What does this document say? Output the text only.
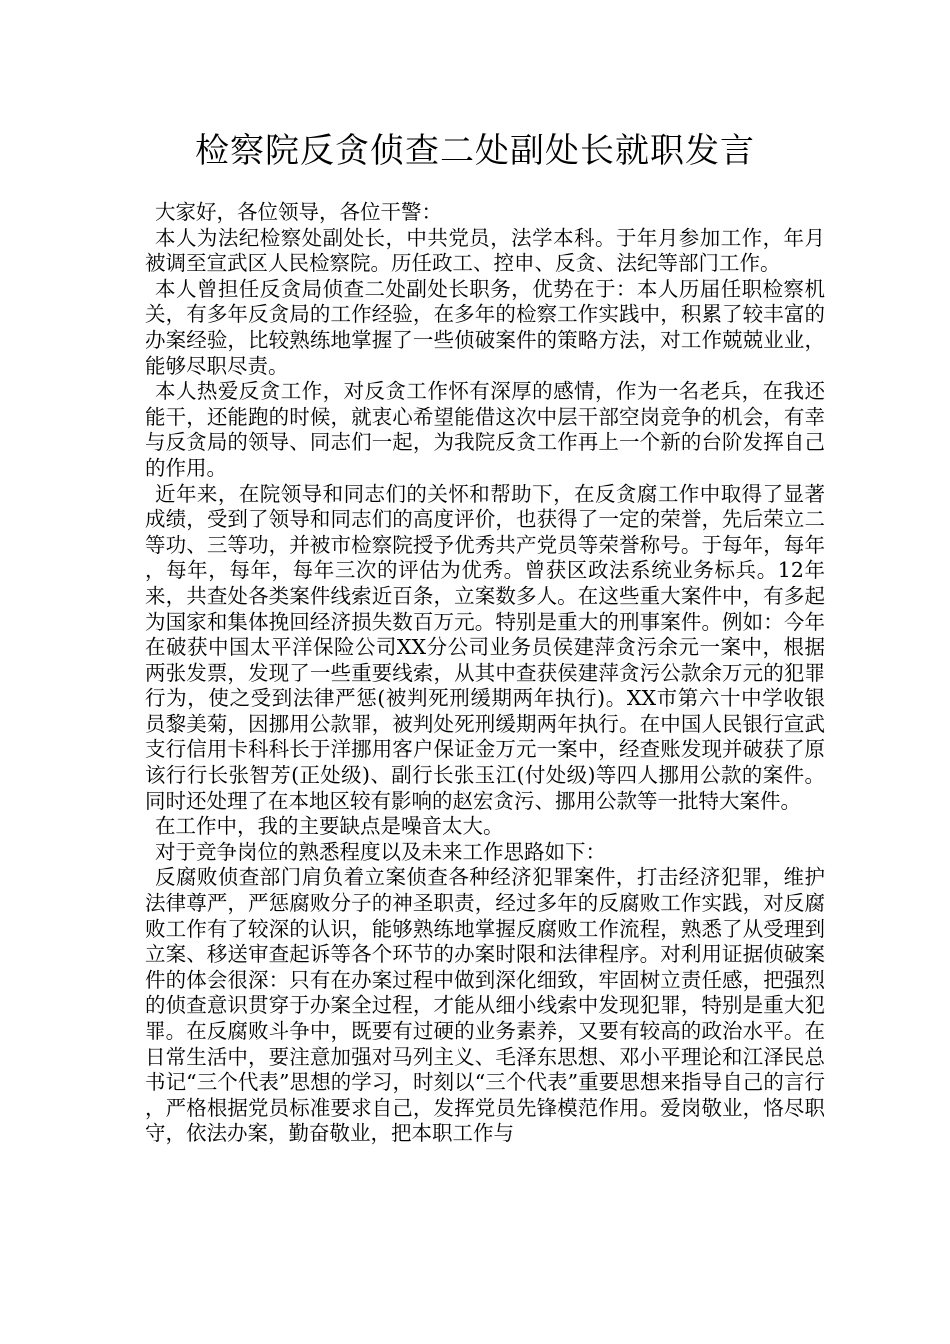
检察院反贪侦查二处副处长就职发言

大家好，各位领导，各位干警：

本人为法纪检察处副处长，中共党员，法学本科。于年月参加工作，年月被调至宣武区人民检察院。历任政工、控申、反贪、法纪等部门工作。

本人曾担任反贪局侦查二处副处长职务，优势在于：本人历届任职检察机关，有多年反贪局的工作经验，在多年的检察工作实践中，积累了较丰富的办案经验，比较熟练地掌握了一些侦破案件的策略方法，对工作兢兢业业，能够尽职尽责。

本人热爱反贪工作，对反贪工作怀有深厚的感情，作为一名老兵，在我还能干，还能跑的时候，就衷心希望能借这次中层干部空岗竞争的机会，有幸与反贪局的领导、同志们一起，为我院反贪工作再上一个新的台阶发挥自己的作用。

近年来，在院领导和同志们的关怀和帮助下，在反贪腐工作中取得了显著成绩，受到了领导和同志们的高度评价，也获得了一定的荣誉，先后荣立二等功、三等功，并被市检察院授予优秀共产党员等荣誉称号。于每年，每年，每年，每年，每年三次的评估为优秀。曾获区政法系统业务标兵。12年来，共查处各类案件线索近百条，立案数多人。在这些重大案件中，有多起为国家和集体挽回经济损失数百万元。特别是重大的刑事案件。例如：今年在破获中国太平洋保险公司XX分公司业务员侯建萍贪污余元一案中，根据两张发票，发现了一些重要线索，从其中查获侯建萍贪污公款余万元的犯罪行为，使之受到法律严惩(被判死刑缓期两年执行)。XX市第六十中学收银员黎美菊，因挪用公款罪，被判处死刑缓期两年执行。在中国人民银行宣武支行信用卡科科长于洋挪用客户保证金万元一案中，经查账发现并破获了原该行行长张智芳(正处级)、副行长张玉江(付处级)等四人挪用公款的案件。同时还处理了在本地区较有影响的赵宏贪污、挪用公款等一批特大案件。

在工作中，我的主要缺点是噪音太大。

对于竞争岗位的熟悉程度以及未来工作思路如下：

反腐败侦查部门肩负着立案侦查各种经济犯罪案件，打击经济犯罪，维护法律尊严，严惩腐败分子的神圣职责，经过多年的反腐败工作实践，对反腐败工作有了较深的认识，能够熟练地掌握反腐败工作流程，熟悉了从受理到立案、移送审查起诉等各个环节的办案时限和法律程序。对利用证据侦破案件的体会很深：只有在办案过程中做到深化细致，牢固树立责任感，把强烈的侦查意识贯穿于办案全过程，才能从细小线索中发现犯罪，特别是重大犯罪。在反腐败斗争中，既要有过硬的业务素养，又要有较高的政治水平。在日常生活中，要注意加强对马列主义、毛泽东思想、邓小平理论和江泽民总书记“三个代表”思想的学习，时刻以“三个代表”重要思想来指导自己的言行，严格根据党员标准要求自己，发挥党员先锋模范作用。爱岗敬业，恪尽职守，依法办案，勤奋敬业，把本职工作与
